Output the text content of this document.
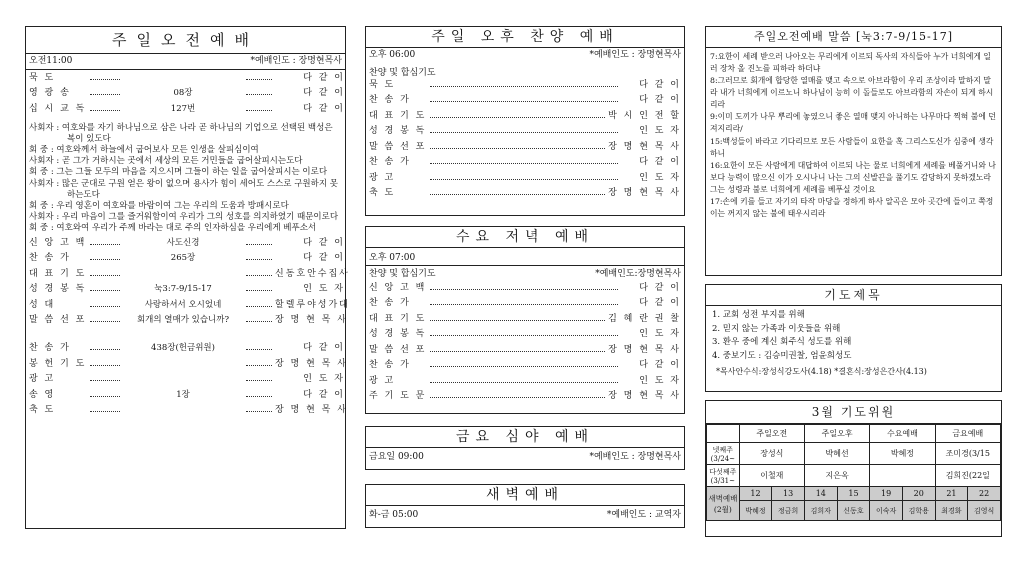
주일오전예배
오전11:00	*예배인도 : 장명현목사
묵 도	다 같 이
영 광 송	08장	다 같 이
십 시 교 독	127번	다 같 이

사회자 : 여호와를 자기 하나님으로 삼은 나라 곧 하나님의 기업으로 선택된 백성은 복이 있도다

회 중 : 여호와께서 하늘에서 굽어보사 모든 인생을 살피심이여

사회자 : 곧 그가 거하시는 곳에서 세상의 모든 거민들을 굽어살피시는도다

회 중 : 그는 그들 모두의 마음을 지으시며 그들이 하는 일을 굽어살피시는 이로다

사회자 : 많은 군대로 구원 얻은 왕이 없으며 용사가 힘이 세어도 스스로 구원하지 못하는도다

회 중 : 우리 영혼이 여호와를 바람이여 그는 우리의 도움과 방패시로다

사회자 : 우리 마음이 그를 즐거워함이여 우리가 그의 성호를 의지하였기 때문이로다

회 중 : 여호와여 우리가 주께 바라는 대로 주의 인자하심을 우리에게 베푸소서

신 앙 고 백	사도신경	다 같 이
찬 송 가	265장	다 같 이
대 표 기 도	신동호안수집사
성 경 봉 독	눅3:7-9/15-17	인 도 자
성 대	사랑하셔서 오시었네	할렐루야성가대
말 씀 선 포	회개의 열매가 있습니까?	장 명 현 목 사
찬 송 가	438장(헌금위원)	다 같 이
봉 헌 기 도	장 명 현 목 사
광 고	인 도 자
송 영	1장	다 같 이
축 도	장 명 현 목 사
주일 오후 찬양 예배
오후 06:00	*예배인도 : 장명현목사
찬양 및 합심기도
묵 도	다 같 이
찬 송 가	다 같 이
대 표 기 도	박 시 인 전 할
성 경 봉 독	인 도 자
말 씀 선 포	장 명 현 목 사
찬 송 가	다 같 이
광 고	인 도 자
축 도	장 명 현 목 사
수요 저녁 예배
오후 07:00
찬양 및 합심기도	*예배인도:장명현목사
신 앙 고 백	다 같 이
찬 송 가	다 같 이
대 표 기 도	김 혜 란 권 찰
성 경 봉 독	인 도 자
말 씀 선 포	장 명 현 목 사
찬 송 가	다 같 이
광 고	인 도 자
주 기 도 문	장 명 현 목 사
금요 심야 예배
금요일 09:00	*예배인도 : 장명현목사
새벽예배
화-금 05:00	*예배인도 : 교역자
주일오전예배 말씀 [눅3:7-9/15-17]
7:요한이 세례 받으러 나아오는 무리에게 이르되 독사의 자식들아 누가 너희에게 일러 장차 올 진노를 피하라 하더냐
8:그러므로 회개에 합당한 열매를 맺고 속으로 아브라함이 우리 조상이라 말하지 말라 내가 너희에게 이르노니 하나님이 능히 이 돌들로도 아브라함의 자손이 되게 하시리라
9:이미 도끼가 나무 뿌리에 놓였으니 좋은 열매 맺지 아니하는 나무마다 찍혀 불에 던져지리라/
15:백성들이 바라고 기다리므로 모든 사람들이 요한을 혹 그리스도신가 심중에 생각하니
16:요한이 모든 사람에게 대답하여 이르되 나는 물로 너희에게 세례를 베풀거니와 나보다 능력이 많으신 이가 오시나니 나는 그의 신발끈을 풀기도 감당하지 못하겠노라 그는 성령과 불로 너희에게 세례를 베푸실 것이요
17:손에 키를 들고 자기의 타작 마당을 정하게 하사 알곡은 모아 곳간에 들이고 쭉정이는 꺼지지 않는 불에 태우시리라
기도제목
1. 교회 성전 부지를 위해
2. 믿지 않는 가족과 이웃들을 위해
3. 환우 중에 계신 회주식 성도를 위해
4. 중보기도 : 김승미권찰, 엄윤희성도
*목사안수식:장성식강도사(4.18) *결혼식:장성은간사(4.13)
3월 기도위원
	주일오전		주일오후		수요예배		금요예배	
넷째주 (3/24~	장성식		박혜선		박혜정		조미경(3/15	
다섯째주 (3/31~	이철재		지은옥				김희진(22일	
새벽예배 (2월)	12	13	14	15	19	20	21	22
	박혜정	정금희	김희자	신동호	이숙자	김학용	최경화	김영식
